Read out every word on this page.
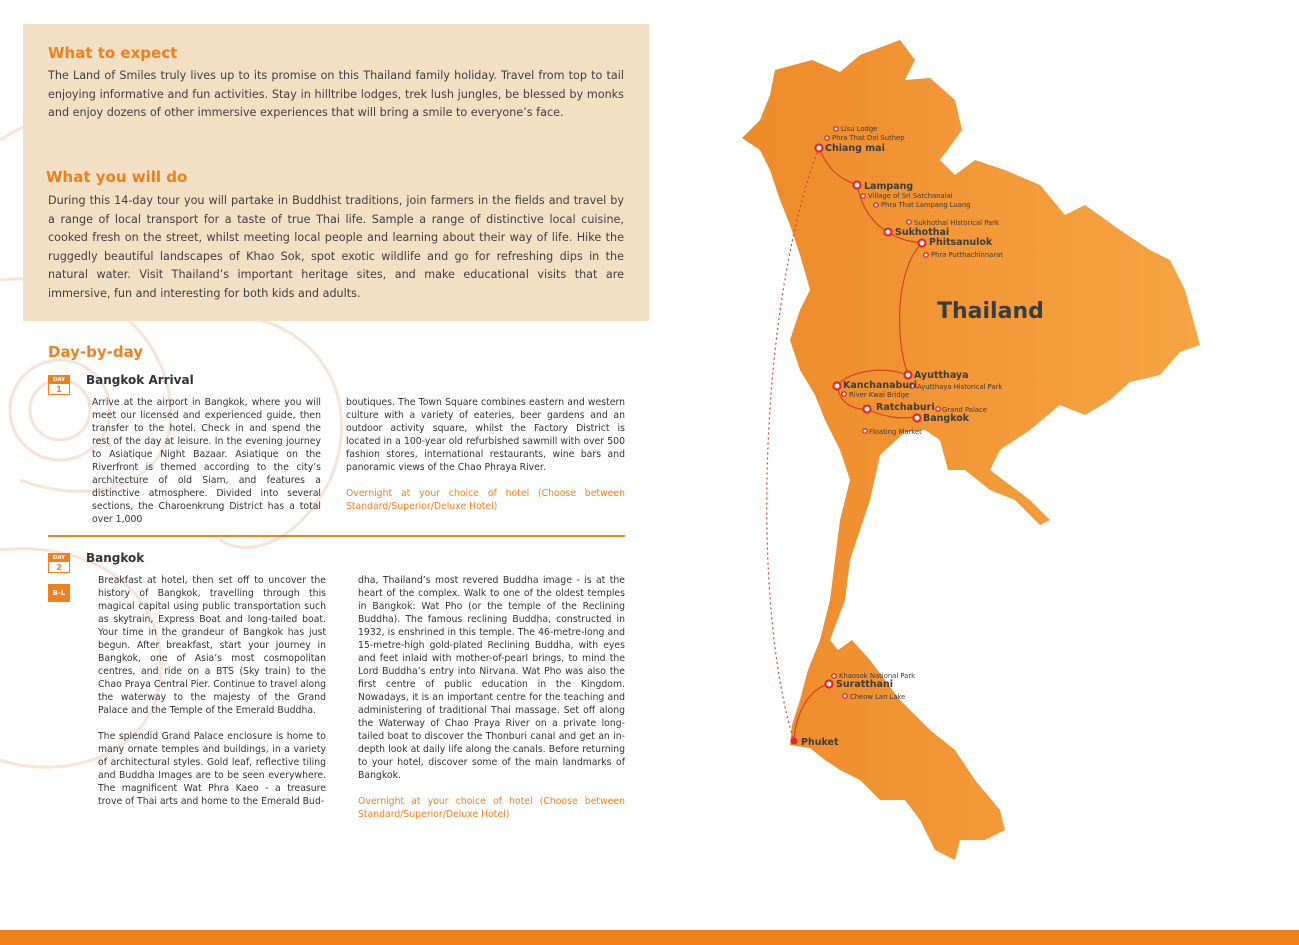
What to expect

The Land of Smiles truly lives up to its promise on this Thailand family holiday. Travel from top to tail enjoying informative and fun activities. Stay in hilltribe lodges, trek lush jungles, be blessed by monks and enjoy dozens of other immersive experiences that will bring a smile to everyone’s face.

What you will do

During this 14-day tour you will partake in Buddhist traditions, join farmers in the fields and travel by a range of local transport for a taste of true Thai life. Sample a range of distinctive local cuisine, cooked fresh on the street, whilst meeting local people and learning about their way of life. Hike the ruggedly beautiful landscapes of Khao Sok, spot exotic wildlife and go for refreshing dips in the natural water. Visit Thailand’s important heritage sites, and make educational visits that are immersive, fun and interesting for both kids and adults.

Day-by-day
DAY
1
Bangkok Arrival

Arrive at the airport in Bangkok, where you will meet our licensed and experienced guide, then transfer to the hotel. Check in and spend the rest of the day at leisure. In the evening journey to Asiatique Night Bazaar. Asiatique on the Riverfront is themed according to the city’s architecture of old Siam, and features a distinctive atmosphere. Divided into several sections, the Charoenkrung District has a total over 1,000

boutiques. The Town Square combines eastern and western culture with a variety of eateries, beer gardens and an outdoor activity square, whilst the Factory District is located in a 100-year old refurbished sawmill with over 500 fashion stores, international restaurants, wine bars and panoramic views of the Chao Phraya River.

Overnight at your choice of hotel (Choose between Standard/Superior/Deluxe Hotel)

DAY
2
B-L
Bangkok

Breakfast at hotel, then set off to uncover the history of Bangkok, travelling through this magical capital using public transportation such as skytrain, Express Boat and long-tailed boat. Your time in the grandeur of Bangkok has just begun. After breakfast, start your journey in Bangkok, one of Asia’s most cosmopolitan centres, and ride on a BTS (Sky train) to the Chao Praya Central Pier. Continue to travel along the waterway to the majesty of the Grand Palace and the Temple of the Emerald Buddha.

The splendid Grand Palace enclosure is home to many ornate temples and buildings, in a variety of architectural styles. Gold leaf, reflective tiling and Buddha Images are to be seen everywhere. The magnificent Wat Phra Kaeo - a treasure trove of Thai arts and home to the Emerald Bud-

dha, Thailand’s most revered Buddha image - is at the heart of the complex. Walk to one of the oldest temples in Bangkok: Wat Pho (or the temple of the Reclining Buddha). The famous reclining Buddha, constructed in 1932, is enshrined in this temple. The 46-metre-long and 15-metre-high gold-plated Reclining Buddha, with eyes and feet inlaid with mother-of-pearl brings, to mind the Lord Buddha’s entry into Nirvana. Wat Pho was also the first centre of public education in the Kingdom. Nowadays, it is an important centre for the teaching and administering of traditional Thai massage. Set off along the Waterway of Chao Praya River on a private long-tailed boat to discover the Thonburi canal and get an in-depth look at daily life along the canals. Before returning to your hotel, discover some of the main landmarks of Bangkok.

Overnight at your choice of hotel (Choose between Standard/Superior/Deluxe Hotel)

Thailand
Chiang mai
Lampang
Sukhothai
Phitsanulok
Ayutthaya
Kanchanaburi
Ratchaburi
Bangkok
Suratthani
Phuket
Lisu Lodge
Phra That Doi Suthep
Village of Sri Satchanalai
Phra That Lampang Luang
Sukhothai Historical Park
Phra Putthachinnarat
Ayutthaya Historical Park
River Kwai Bridge
Grand Palace
Floating Market
Khaosok National Park
Cheow Lan Lake
